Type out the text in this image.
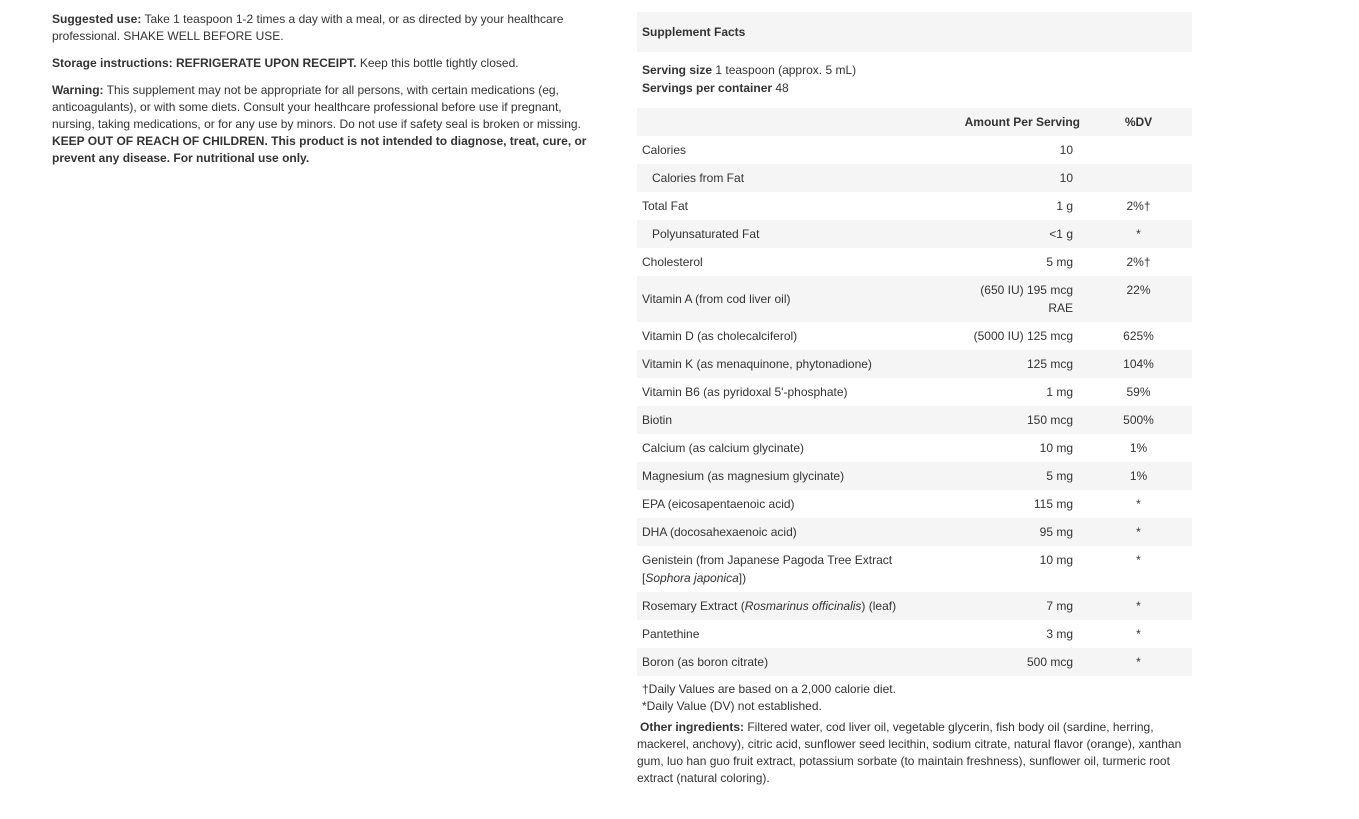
Suggested use: Take 1 teaspoon 1-2 times a day with a meal, or as directed by your healthcare professional. SHAKE WELL BEFORE USE.

Storage instructions: REFRIGERATE UPON RECEIPT. Keep this bottle tightly closed.

Warning: This supplement may not be appropriate for all persons, with certain medications (eg, anticoagulants), or with some diets. Consult your healthcare professional before use if pregnant, nursing, taking medications, or for any use by minors. Do not use if safety seal is broken or missing.
KEEP OUT OF REACH OF CHILDREN. This product is not intended to diagnose, treat, cure, or prevent any disease. For nutritional use only.

Supplement Facts
Serving size 1 teaspoon (approx. 5 mL)
Servings per container 48
	Amount Per Serving	%DV
Calories	10	
Calories from Fat	10	
Total Fat	1 g	2%†
Polyunsaturated Fat	<1 g	*
Cholesterol	5 mg	2%†
Vitamin A (from cod liver oil)	(650 IU) 195 mcg RAE	22%
Vitamin D (as cholecalciferol)	(5000 IU) 125 mcg	625%
Vitamin K (as menaquinone, phytonadione)	125 mcg	104%
Vitamin B6 (as pyridoxal 5'-phosphate)	1 mg	59%
Biotin	150 mcg	500%
Calcium (as calcium glycinate)	10 mg	1%
Magnesium (as magnesium glycinate)	5 mg	1%
EPA (eicosapentaenoic acid)	115 mg	*
DHA (docosahexaenoic acid)	95 mg	*
Genistein (from Japanese Pagoda Tree Extract [Sophora japonica])	10 mg	*
Rosemary Extract (Rosmarinus officinalis) (leaf)	7 mg	*
Pantethine	3 mg	*
Boron (as boron citrate)	500 mcg	*
†Daily Values are based on a 2,000 calorie diet.
*Daily Value (DV) not established.
Other ingredients: Filtered water, cod liver oil, vegetable glycerin, fish body oil (sardine, herring, mackerel, anchovy), citric acid, sunflower seed lecithin, sodium citrate, natural flavor (orange), xanthan gum, luo han guo fruit extract, potassium sorbate (to maintain freshness), sunflower oil, turmeric root extract (natural coloring).
